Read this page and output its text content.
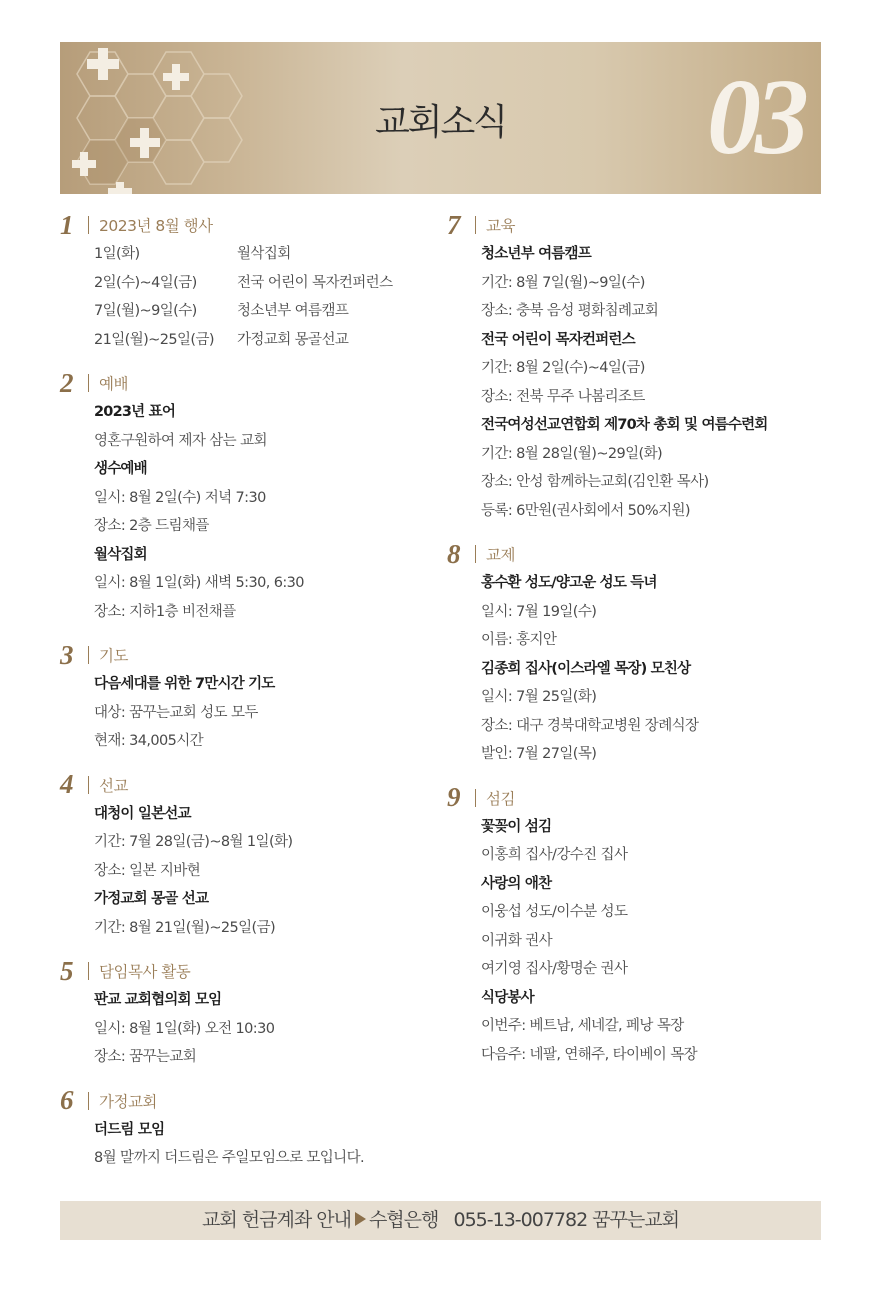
교회소식	03
1	2023년 8월 행사
1일(화)	월삭집회
2일(수)~4일(금)	전국 어린이 목자컨퍼런스
7일(월)~9일(수)	청소년부 여름캠프
21일(월)~25일(금)	가정교회 몽골선교
2	예배
2023년 표어
영혼구원하여 제자 삼는 교회
생수예배
일시: 8월 2일(수) 저녁 7:30
장소: 2층 드림채플
월삭집회
일시: 8월 1일(화) 새벽 5:30, 6:30
장소: 지하1층 비전채플
3	기도
다음세대를 위한 7만시간 기도
대상: 꿈꾸는교회 성도 모두
현재: 34,005시간
4	선교
대청이 일본선교
기간: 7월 28일(금)~8월 1일(화)
장소: 일본 지바현
가정교회 몽골 선교
기간: 8월 21일(월)~25일(금)
5	담임목사 활동
판교 교회협의회 모임
일시: 8월 1일(화) 오전 10:30
장소: 꿈꾸는교회
6	가정교회
더드림 모임
8월 말까지 더드림은 주일모임으로 모입니다.
7	교육
청소년부 여름캠프
기간: 8월 7일(월)~9일(수)
장소: 충북 음성 평화침례교회
전국 어린이 목자컨퍼런스
기간: 8월 2일(수)~4일(금)
장소: 전북 무주 나봄리조트
전국여성선교연합회 제70차 총회 및 여름수련회
기간: 8월 28일(월)~29일(화)
장소: 안성 함께하는교회(김인환 목사)
등록: 6만원(권사회에서 50%지원)
8	교제
홍수환 성도/양고운 성도 득녀
일시: 7월 19일(수)
이름: 홍지안
김종희 집사(이스라엘 목장) 모친상
일시: 7월 25일(화)
장소: 대구 경북대학교병원 장례식장
발인: 7월 27일(목)
9	섬김
꽃꽂이 섬김
이홍희 집사/강수진 집사
사랑의 애찬
이웅섭 성도/이수분 성도
이귀화 권사
여기영 집사/황명순 권사
식당봉사
이번주: 베트남, 세네갈, 페낭 목장
다음주: 네팔, 연해주, 타이베이 목장
교회 헌금계좌 안내 수협은행 055-13-007782 꿈꾸는교회
